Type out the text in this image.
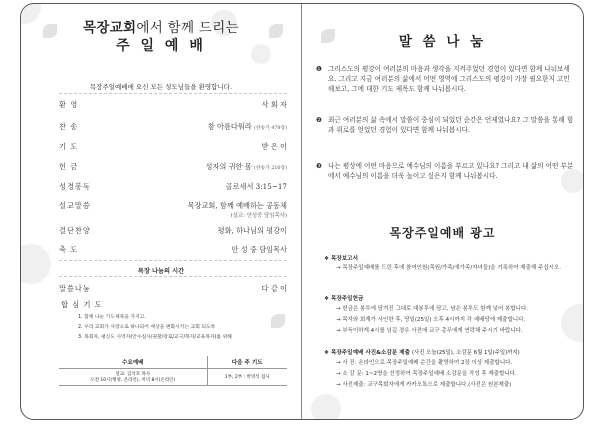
목장교회에서 함께 드리는
주 일 예 배
목장주일예배에 오신 모든 성도님들을 환영합니다.
환 영	사 회 자
찬 송	참 아름다워라 (찬송가 478장)
기 도	받 은 이
헌 금	성자의 귀한 몸 (찬송가 216장)
성경봉독	골로새서 3:15~17
설교말씀	목장교회, 함께 예배하는 공동체
(설교: 안성중 담임목사)
결단찬양	평화, 하나님의 평강이
축 도	안 성 중 담임목사
목장 나눔의 시간
말씀나눔	다 같 이
합 심 기 도
1. 함께 나눈 기도제목을 가지고.
2. 우리 교회가 사랑으로 하나되어 세상을 변화시키는 교회 되도록
3. 목회자, 평신도 사역자(안수집사/권찰/장로/교구/목자/교육목자)를 위해
수요예배	다음 주 기도

설교: 김석호 목사
오전 10시(행정, 온라인), 저녁 8시(온라인)	1부, 2부 : 박영석 집사
말 씀 나 눔
❶ 그리스도의 평강이 여러분의 마음과 생각을 지켜주었던 경험이 있다면 함께 나눠보세요. 그리고 지금 여러분의 삶에서 어떤 영역에 그리스도의 평강이 가장 필요한지 고민해보고, 그에 대한 기도 제목도 함께 나눠봅시다.
❷ 최근 여러분의 삶 속에서 말씀이 중심이 되었던 순간은 언제였나요? 그 말씀을 통해 힘과 위로를 얻었던 경험이 있다면 함께 나눠봅시다.
❸ 나는 평상에 어떤 마음으로 예수님의 이름을 부르고 있나요? 그리고 내 삶의 어떤 부분에서 예수님의 이름을 더욱 높이고 싶은지 함께 나눠봅시다.
목장주일예배 광고
❖ 목장보고서
→ 목장주일예배를 드린 후에 참여인원(목원/가족/새가족/자녀들)을 기록하여 제출해 주십시오.
❖ 목장주일헌금
→ 헌금은 봉투에 담겨진 그대로 대봉투에 담고, 남은 봉투도 함께 넣어 봉합니다.
→ 목자와 회계가 사인한 후, 당일(25일) 오후 4시까지 각 예배당에 제출합니다.
→ 부득이하게 4시를 넘길 경우 사전에 교구 총무에게 연락해 주시기 바랍니다.
❖ 목장주일예배 사진&소감문 제출 (사진 오늘(25일), 소감문 6월 1일(주일)까지)
→ 사 진: 온라인으로 목장주일예배 순간을 촬영하여 2장 이상 제출합니다.
→ 소 감 문: 1~2명을 선정하여 목장주일예배 소감문을 작성 후 제출합니다.
→ 사진제출: 교구목회자에게 카카오톡으로 제출합니다.(사진은 원본제출)
